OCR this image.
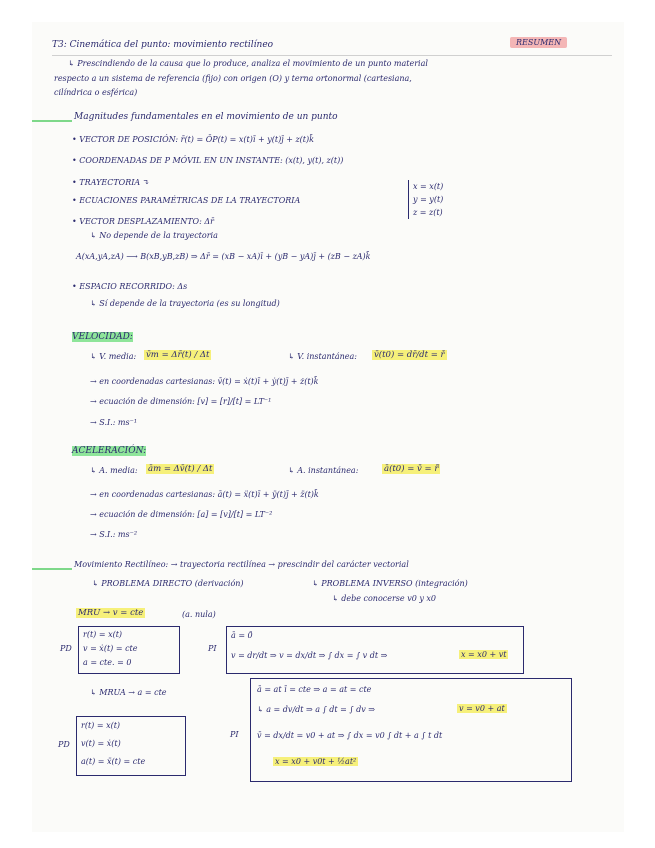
T3: Cinemática del punto: movimiento rectilíneo	RESUMEN
↳ Prescindiendo de la causa que lo produce, analiza el movimiento de un punto material
respecto a un sistema de referencia (fijo) con origen (O) y terna ortonormal (cartesiana,
cilíndrica o esférica)
Magnitudes fundamentales en el movimiento de un punto
• VECTOR DE POSICIÓN: r̄(t) = ŌP(t) = x(t)ī + y(t)j̄ + z(t)k̄
• COORDENADAS DE P MÓVIL EN UN INSTANTE: (x(t), y(t), z(t))
• TRAYECTORIA ↴
• ECUACIONES PARAMÉTRICAS DE LA TRAYECTORIA
x = x(t)
y = y(t)
z = z(t)
• VECTOR DESPLAZAMIENTO: Δr̄
↳ No depende de la trayectoria
A(xA,yA,zA) ⟶ B(xB,yB,zB) ⇒ Δr̄ = (xB − xA)ī + (yB − yA)j̄ + (zB − zA)k̄
• ESPACIO RECORRIDO: Δs
↳ Sí depende de la trayectoria (es su longitud)
VELOCIDAD:
↳ V. media: v̄m = Δr̄(t) / Δt	↳ V. instantánea: v̄(t0) = dr̄/dt = r̄̇
→ en coordenadas cartesianas: v̄(t) = ẋ(t)ī + ẏ(t)j̄ + ż(t)k̄
→ ecuación de dimensión: [v] = [r]/[t] = LT⁻¹
→ S.I.: ms⁻¹
ACELERACIÓN:
↳ A. media: ām = Δv̄(t) / Δt	↳ A. instantánea:	ā(t0) = v̄̇ = r̄̈
→ en coordenadas cartesianas: ā(t) = ẍ(t)ī + ÿ(t)j̄ + z̈(t)k̄
→ ecuación de dimensión: [a] = [v]/[t] = LT⁻²
→ S.I.: ms⁻²
Movimiento Rectilíneo: → trayectoria rectilínea → prescindir del carácter vectorial
↳ PROBLEMA DIRECTO (derivación)	↳ PROBLEMA INVERSO (integración)
↳ debe conocerse v0 y x0
MRU → v = cte	(a. nula)
PD
r(t) = x(t)
v = ẋ(t) = cte
a = cte. = 0
PI
ā = 0̄
v = dr/dt ⇒ v = dx/dt ⇒ ∫ dx = ∫ v dt ⇒	x = x0 + vt
↳ MRUA → a = cte
PD
r(t) = x(t)
v(t) = ẋ(t)
a(t) = ẍ(t) = cte
PI
ā = at ī = cte ⇒ a = at = cte
↳ a = dv/dt ⇒ a ∫ dt = ∫ dv ⇒	v = v0 + at
v̄ = dx/dt = v0 + at ⇒ ∫ dx = v0 ∫ dt + a ∫ t dt
x = x0 + v0t + ½at²
